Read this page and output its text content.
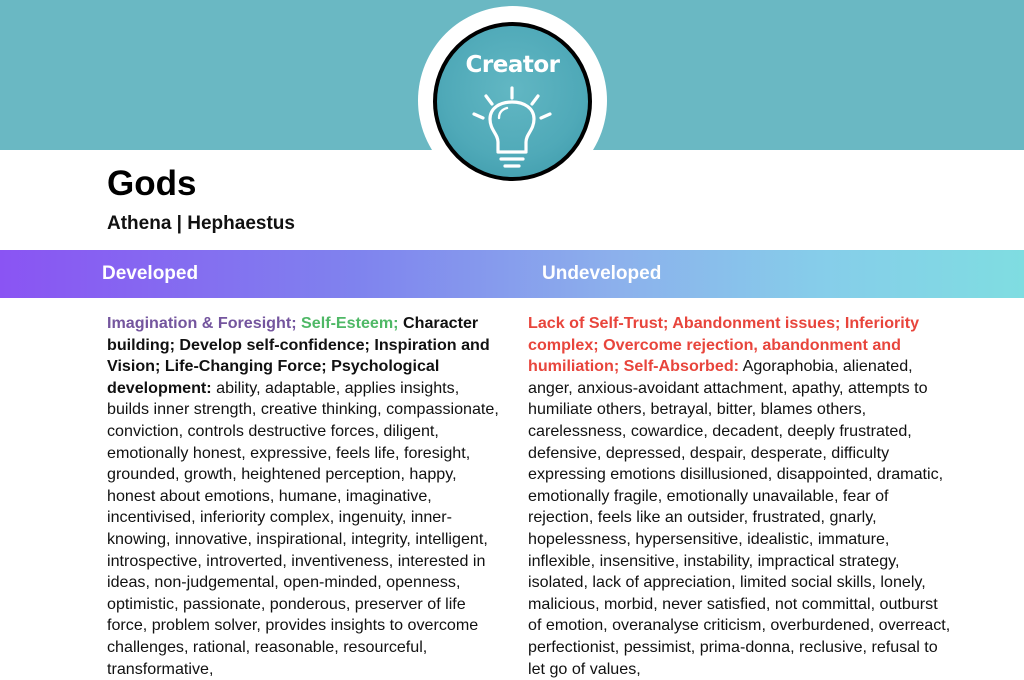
Creator
Gods
Athena | Hephaestus
Developed	Undeveloped
Imagination & Foresight; Self-Esteem; Character building; Develop self-confidence; Inspiration and Vision; Life-Changing Force; Psychological development: ability, adaptable, applies insights, builds inner strength, creative thinking, compassionate, conviction, controls destructive forces, diligent, emotionally honest, expressive, feels life, foresight, grounded, growth, heightened perception, happy, honest about emotions, humane, imaginative, incentivised, inferiority complex, ingenuity, inner-knowing, innovative, inspirational, integrity, intelligent, introspective, introverted, inventiveness, interested in ideas, non-judgemental, open-minded, openness, optimistic, passionate, ponderous, preserver of life force, problem solver, provides insights to overcome challenges, rational, reasonable, resourceful, transformative,
Lack of Self-Trust; Abandonment issues; Inferiority complex; Overcome rejection, abandonment and humiliation; Self-Absorbed: Agoraphobia, alienated, anger, anxious-avoidant attachment, apathy, attempts to humiliate others, betrayal, bitter, blames others, carelessness, cowardice, decadent, deeply frustrated, defensive, depressed, despair, desperate, difficulty expressing emotions disillusioned, disappointed, dramatic, emotionally fragile, emotionally unavailable, fear of rejection, feels like an outsider, frustrated, gnarly, hopelessness, hypersensitive, idealistic, immature, inflexible, insensitive, instability, impractical strategy, isolated, lack of appreciation, limited social skills, lonely, malicious, morbid, never satisfied, not committal, outburst of emotion, overanalyse criticism, overburdened, overreact, perfectionist, pessimist, prima-donna, reclusive, refusal to let go of values,
